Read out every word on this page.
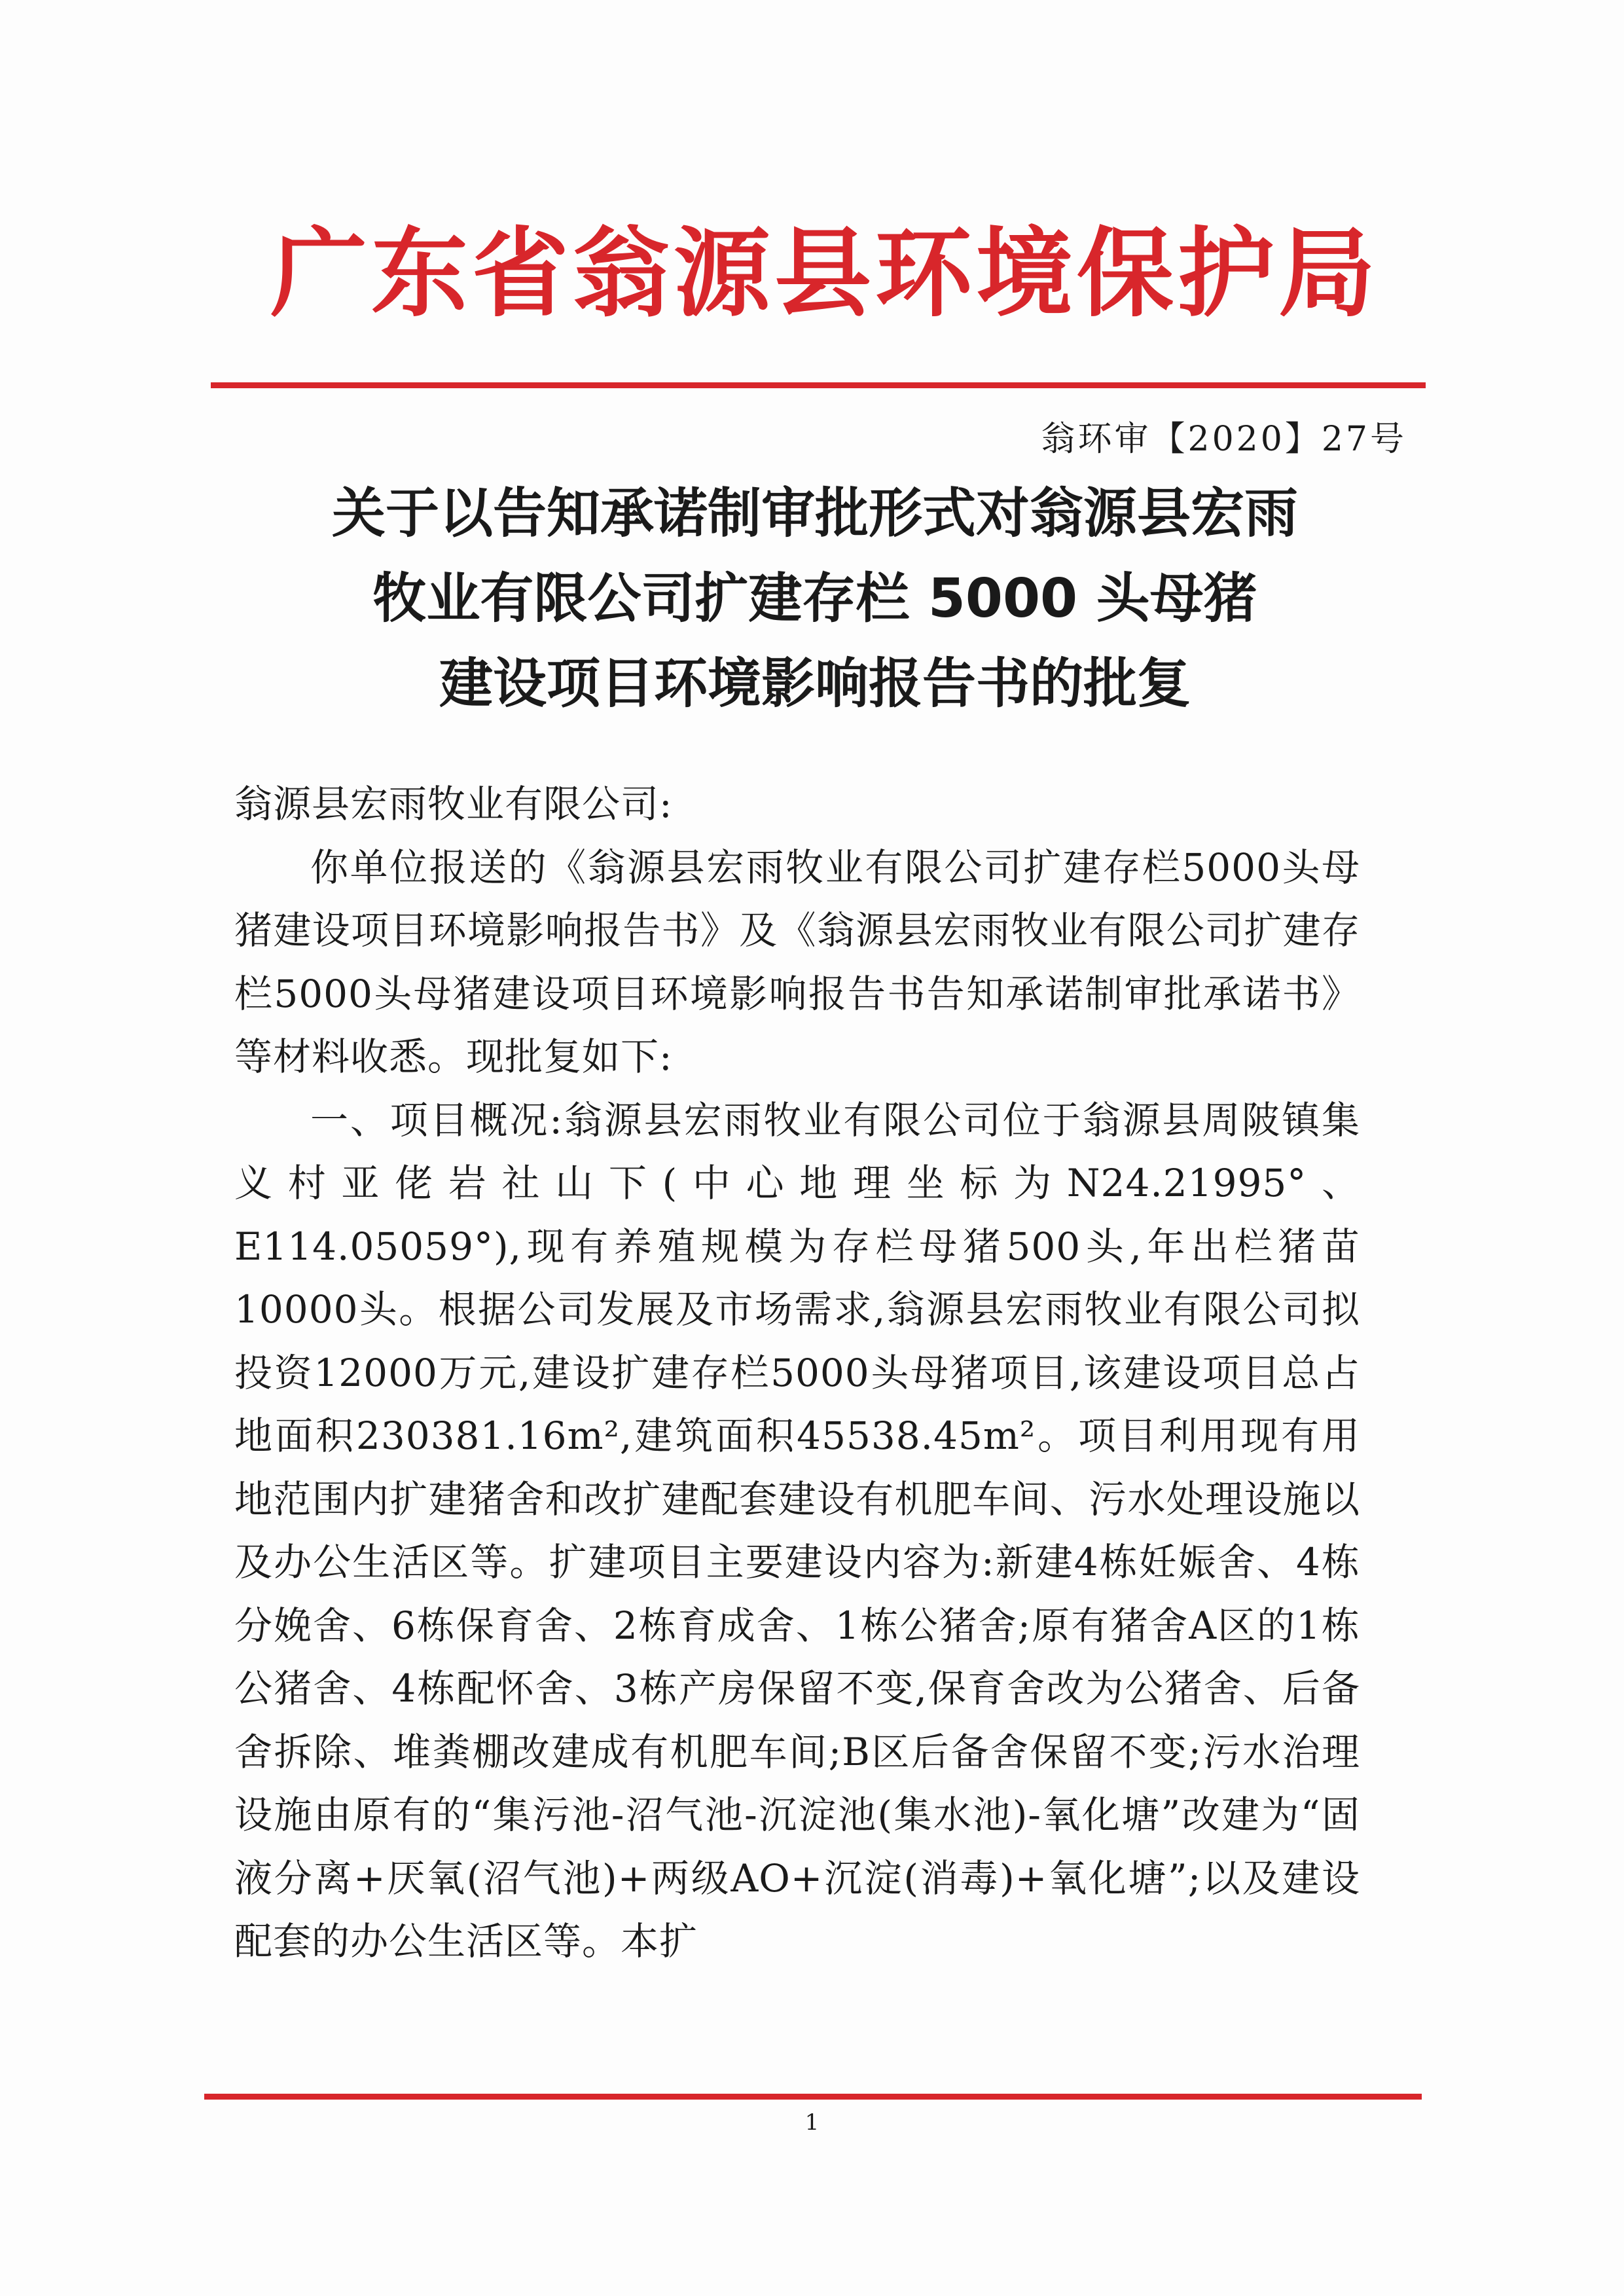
广东省翁源县环境保护局
翁环审【2020】27号
关于以告知承诺制审批形式对翁源县宏雨
牧业有限公司扩建存栏 5000 头母猪
建设项目环境影响报告书的批复

翁源县宏雨牧业有限公司:

你单位报送的《翁源县宏雨牧业有限公司扩建存栏5000头母猪建设项目环境影响报告书》及《翁源县宏雨牧业有限公司扩建存栏5000头母猪建设项目环境影响报告书告知承诺制审批承诺书》等材料收悉。现批复如下:

一、项目概况:翁源县宏雨牧业有限公司位于翁源县周陂镇集义村亚佬岩社山下(中心地理坐标为N24.21995°、E114.05059°),现有养殖规模为存栏母猪500头,年出栏猪苗10000头。根据公司发展及市场需求,翁源县宏雨牧业有限公司拟投资12000万元,建设扩建存栏5000头母猪项目,该建设项目总占地面积230381.16m²,建筑面积45538.45m²。项目利用现有用地范围内扩建猪舍和改扩建配套建设有机肥车间、污水处理设施以及办公生活区等。扩建项目主要建设内容为:新建4栋妊娠舍、4栋分娩舍、6栋保育舍、2栋育成舍、1栋公猪舍;原有猪舍A区的1栋公猪舍、4栋配怀舍、3栋产房保留不变,保育舍改为公猪舍、后备舍拆除、堆粪棚改建成有机肥车间;B区后备舍保留不变;污水治理设施由原有的“集污池-沼气池-沉淀池(集水池)-氧化塘”改建为“固液分离+厌氧(沼气池)+两级AO+沉淀(消毒)+氧化塘”;以及建设配套的办公生活区等。本扩

1
